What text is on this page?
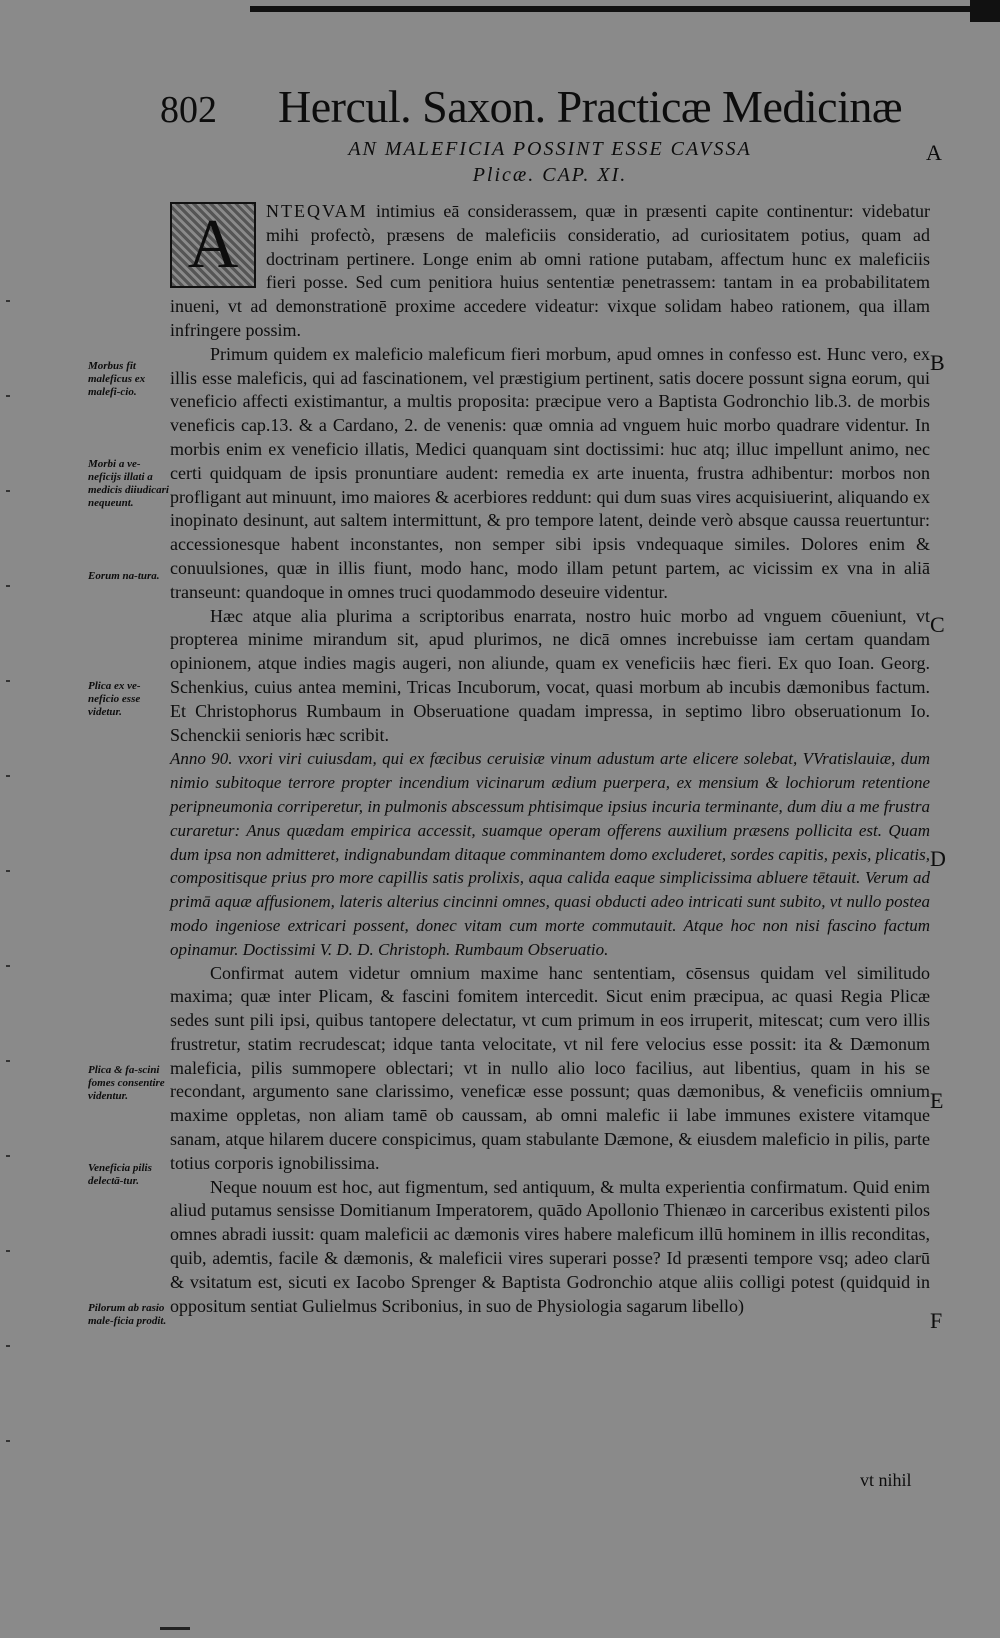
802 Hercul. Saxon. Practicæ Medicinæ
AN MALEFICIA POSSINT ESSE CAVSSA
Plicæ. CAP. XI.
A
B
C
D
E
F
Morbus fit maleficus ex malefi-cio.
Morbi a ve-neficijs illati a medicis diiudicari nequeunt.
Eorum na-tura.
Plica ex ve-neficio esse videtur.
Plica & fa-scini fomes consentire videntur.
Veneficia pilis delectā-tur.
Pilorum ab rasio male-ficia prodit.

A	NTEQVAM intimius eā considerassem, quæ in præsenti capite continentur: videbatur mihi profectò, præsens de maleficiis consideratio, ad curiositatem potius, quam ad doctrinam pertinere. Longe enim ab omni ratione putabam, affectum hunc ex maleficiis fieri posse. Sed cum penitiora huius sententiæ penetrassem: tantam in ea probabilitatem inueni, vt ad demonstrationē proxime accedere videatur: vixque solidam habeo rationem, qua illam infringere possim.

Primum quidem ex maleficio maleficum fieri morbum, apud omnes in confesso est. Hunc vero, ex illis esse maleficis, qui ad fascinationem, vel præstigium pertinent, satis docere possunt signa eorum, qui veneficio affecti existimantur, a multis proposita: præcipue vero a Baptista Godronchio lib.3. de morbis veneficis cap.13. & a Cardano, 2. de venenis: quæ omnia ad vnguem huic morbo quadrare videntur. In morbis enim ex veneficio illatis, Medici quanquam sint doctissimi: huc atq; illuc impellunt animo, nec certi quidquam de ipsis pronuntiare audent: remedia ex arte inuenta, frustra adhibentur: morbos non profligant aut minuunt, imo maiores & acerbiores reddunt: qui dum suas vires acquisiuerint, aliquando ex inopinato desinunt, aut saltem intermittunt, & pro tempore latent, deinde verò absque caussa reuertuntur: accessionesque habent inconstantes, non semper sibi ipsis vndequaque similes. Dolores enim & conuulsiones, quæ in illis fiunt, modo hanc, modo illam petunt partem, ac vicissim ex vna in aliā transeunt: quandoque in omnes truci quodammodo deseuire videntur.

Hæc atque alia plurima a scriptoribus enarrata, nostro huic morbo ad vnguem cōueniunt, vt propterea minime mirandum sit, apud plurimos, ne dicā omnes increbuisse iam certam quandam opinionem, atque indies magis augeri, non aliunde, quam ex veneficiis hæc fieri. Ex quo Ioan. Georg. Schenkius, cuius antea memini, Tricas Incuborum, vocat, quasi morbum ab incubis dæmonibus factum. Et Christophorus Rumbaum in Obseruatione quadam impressa, in septimo libro obseruationum Io. Schenckii senioris hæc scribit.

Anno 90. vxori viri cuiusdam, qui ex fæcibus ceruisiæ vinum adustum arte elicere solebat, VVratislauiæ, dum nimio subitoque terrore propter incendium vicinarum ædium puerpera, ex mensium & lochiorum retentione peripneumonia corriperetur, in pulmonis abscessum phtisimque ipsius incuria terminante, dum diu a me frustra curaretur: Anus quædam empirica accessit, suamque operam offerens auxilium præsens pollicita est. Quam dum ipsa non admitteret, indignabundam ditaque comminantem domo excluderet, sordes capitis, pexis, plicatis, compositisque prius pro more capillis satis prolixis, aqua calida eaque simplicissima abluere tētauit. Verum ad primā aquæ affusionem, lateris alterius cincinni omnes, quasi obducti adeo intricati sunt subito, vt nullo postea modo ingeniose extricari possent, donec vitam cum morte commutauit. Atque hoc non nisi fascino factum opinamur. Doctissimi V. D. D. Christoph. Rumbaum Obseruatio.

Confirmat autem videtur omnium maxime hanc sententiam, cōsensus quidam vel similitudo maxima; quæ inter Plicam, & fascini fomitem intercedit. Sicut enim præcipua, ac quasi Regia Plicæ sedes sunt pili ipsi, quibus tantopere delectatur, vt cum primum in eos irruperit, mitescat; cum vero illis frustretur, statim recrudescat; idque tanta velocitate, vt nil fere velocius esse possit: ita & Dæmonum maleficia, pilis summopere oblectari; vt in nullo alio loco facilius, aut libentius, quam in his se recondant, argumento sane clarissimo, veneficæ esse possunt; quas dæmonibus, & veneficiis omnium maxime oppletas, non aliam tamē ob caussam, ab omni malefic ii labe immunes existere vitamque sanam, atque hilarem ducere conspicimus, quam stabulante Dæmone, & eiusdem maleficio in pilis, parte totius corporis ignobilissima.

Neque nouum est hoc, aut figmentum, sed antiquum, & multa experientia confirmatum. Quid enim aliud putamus sensisse Domitianum Imperatorem, quādo Apollonio Thienæo in carceribus existenti pilos omnes abradi iussit: quam maleficii ac dæmonis vires habere maleficum illū hominem in illis reconditas, quib, ademtis, facile & dæmonis, & maleficii vires superari posse? Id præsenti tempore vsq; adeo clarū & vsitatum est, sicuti ex Iacobo Sprenger & Baptista Godronchio atque aliis colligi potest (quidquid in oppositum sentiat Gulielmus Scribonius, in suo de Physiologia sagarum libello)

vt nihil
